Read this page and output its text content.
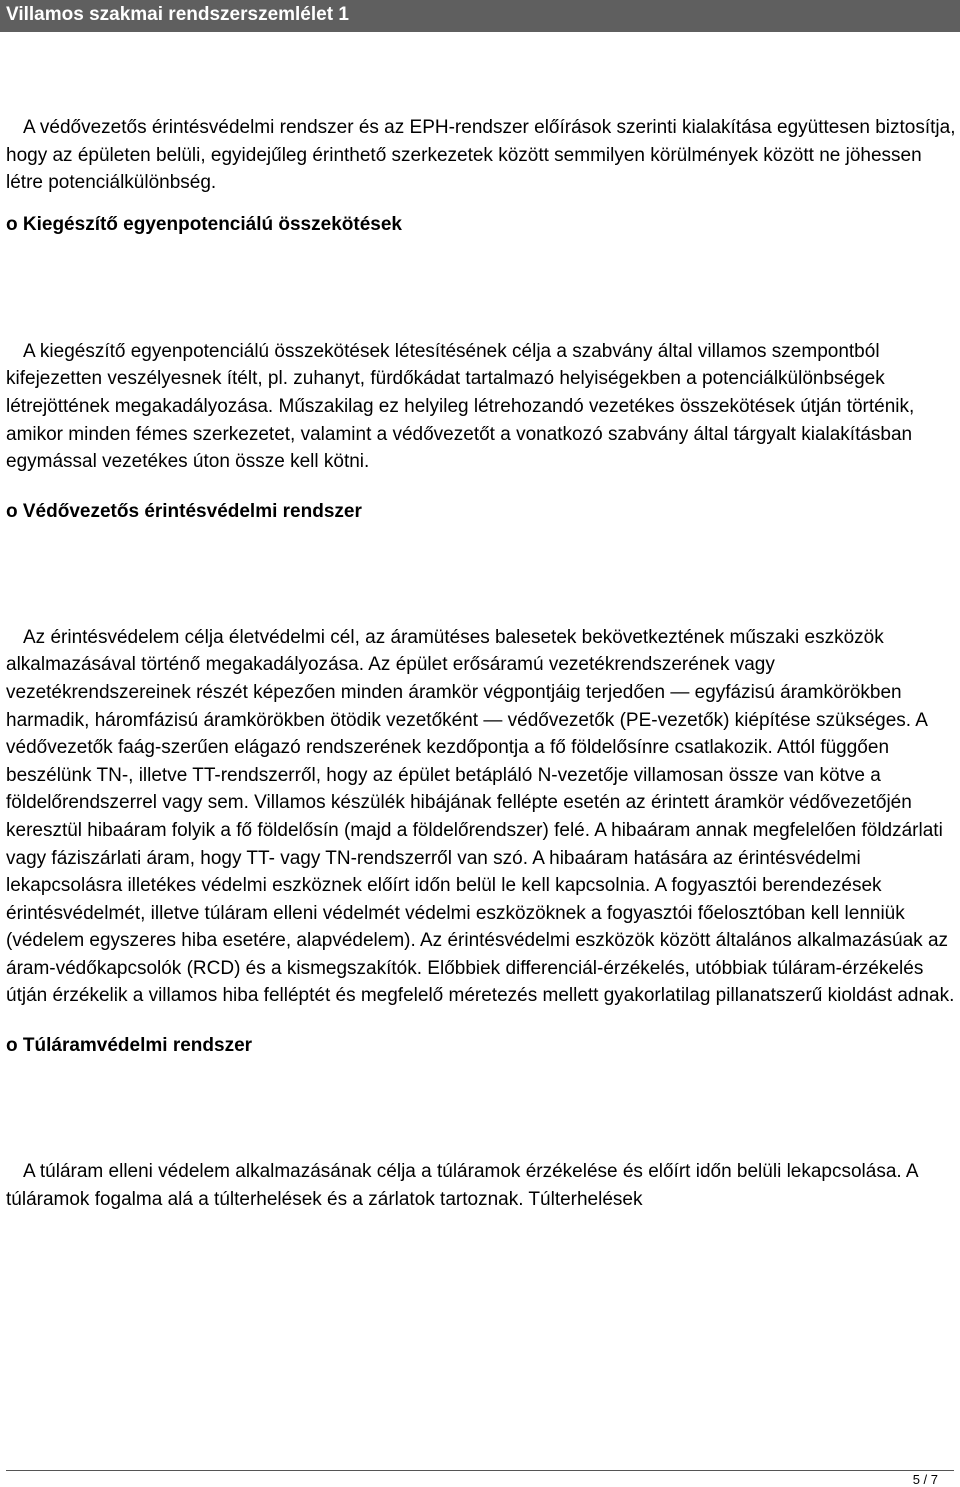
Villamos szakmai rendszerszemlélet 1

A védővezetős érintésvédelmi rendszer és az EPH-rendszer előírások szerinti kialakítása együttesen biztosítja, hogy az épületen belüli, egyidejűleg érinthető szerkezetek között semmilyen körülmények között ne jöhessen létre potenciálkülönbség.

o Kiegészítő egyenpotenciálú összekötések

A kiegészítő egyenpotenciálú összekötések létesítésének célja a szabvány által villamos szempontból kifejezetten veszélyesnek ítélt, pl. zuhanyt, fürdőkádat tartalmazó helyiségekben a potenciálkülönbségek létrejöttének megakadályozása. Műszakilag ez helyileg létrehozandó vezetékes összekötések útján történik, amikor minden fémes szerkezetet, valamint a védővezetőt a vonatkozó szabvány által tárgyalt kialakításban egymással vezetékes úton össze kell kötni.

o Védővezetős érintésvédelmi rendszer

Az érintésvédelem célja életvédelmi cél, az áramütéses balesetek bekövetkeztének műszaki eszközök alkalmazásával történő megakadályozása. Az épület erősáramú vezetékrendszerének vagy vezetékrendszereinek részét képezően minden áramkör végpontjáig terjedően — egyfázisú áramkörökben harmadik, háromfázisú áramkörökben ötödik vezetőként — védővezetők (PE-vezetők) kiépítése szükséges. A védővezetők faág-szerűen elágazó rendszerének kezdőpontja a fő földelősínre csatlakozik. Attól függően beszélünk TN-, illetve TT-rendszerről, hogy az épület betápláló N-vezetője villamosan össze van kötve a földelőrendszerrel vagy sem. Villamos készülék hibájának fellépte esetén az érintett áramkör védővezetőjén keresztül hibaáram folyik a fő földelősín (majd a földelőrendszer) felé. A hibaáram annak megfelelően földzárlati vagy fáziszárlati áram, hogy TT- vagy TN-rendszerről van szó. A hibaáram hatására az érintésvédelmi lekapcsolásra illetékes védelmi eszköznek előírt időn belül le kell kapcsolnia. A fogyasztói berendezések érintésvédelmét, illetve túláram elleni védelmét védelmi eszközöknek a fogyasztói főelosztóban kell lenniük (védelem egyszeres hiba esetére, alapvédelem). Az érintésvédelmi eszközök között általános alkalmazásúak az áram-védőkapcsolók (RCD) és a kismegszakítók. Előbbiek differenciál-érzékelés, utóbbiak túláram-érzékelés útján érzékelik a villamos hiba felléptét és megfelelő méretezés mellett gyakorlatilag pillanatszerű kioldást adnak.

o Túláramvédelmi rendszer

A túláram elleni védelem alkalmazásának célja a túláramok érzékelése és előírt időn belüli lekapcsolása. A túláramok fogalma alá a túlterhelések és a zárlatok tartoznak. Túlterhelések

5 / 7
